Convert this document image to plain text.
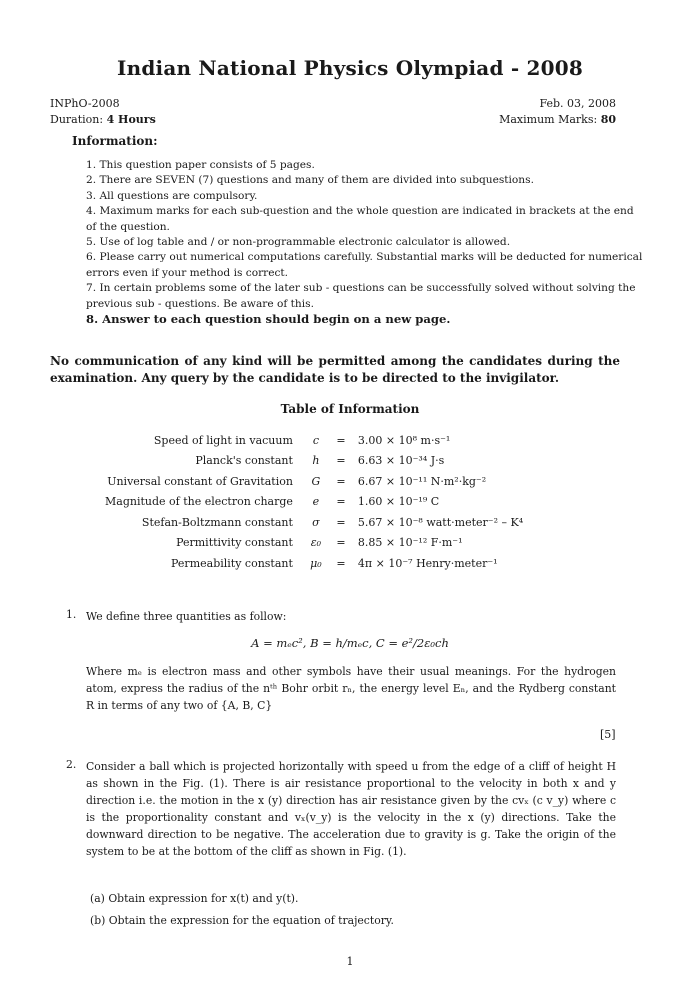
Indian National Physics Olympiad - 2008
INPhO-2008	Feb. 03, 2008
Duration: 4 Hours	Maximum Marks: 80
Information:
1. This question paper consists of 5 pages.
2. There are SEVEN (7) questions and many of them are divided into subquestions.
3. All questions are compulsory.
4. Maximum marks for each sub-question and the whole question are indicated in brackets at the end of the question.
5. Use of log table and / or non-programmable electronic calculator is allowed.
6. Please carry out numerical computations carefully. Substantial marks will be deducted for numerical errors even if your method is correct.
7. In certain problems some of the later sub - questions can be successfully solved without solving the previous sub - questions. Be aware of this.
8. Answer to each question should begin on a new page.
No communication of any kind will be permitted among the candidates during the examination. Any query by the candidate is to be directed to the invigilator.
Table of Information
Speed of light in vacuum	c	=	3.00 × 10⁸ m·s⁻¹
Planck's constant	h	=	6.63 × 10⁻³⁴ J·s
Universal constant of Gravitation	G	=	6.67 × 10⁻¹¹ N·m²·kg⁻²
Magnitude of the electron charge	e	=	1.60 × 10⁻¹⁹ C
Stefan-Boltzmann constant	σ	=	5.67 × 10⁻⁸ watt·meter⁻² – K⁴
Permittivity constant	ε₀	=	8.85 × 10⁻¹² F·m⁻¹
Permeability constant	μ₀	=	4π × 10⁻⁷ Henry·meter⁻¹
1. We define three quantities as follow:
A = mₑc², B = h/mₑc, C = e²/2ε₀ch
Where mₑ is electron mass and other symbols have their usual meanings. For the hydrogen atom, express the radius of the nᵗʰ Bohr orbit rₙ, the energy level Eₙ, and the Rydberg constant R in terms of any two of {A, B, C}
[5]
2. Consider a ball which is projected horizontally with speed u from the edge of a cliff of height H as shown in the Fig. (1). There is air resistance proportional to the velocity in both x and y direction i.e. the motion in the x (y) direction has air resistance given by the cvₓ (c v_y) where c is the proportionality constant and vₓ(v_y) is the velocity in the x (y) directions. Take the downward direction to be negative. The acceleration due to gravity is g. Take the origin of the system to be at the bottom of the cliff as shown in Fig. (1).
(a) Obtain expression for x(t) and y(t).
(b) Obtain the expression for the equation of trajectory.
1
